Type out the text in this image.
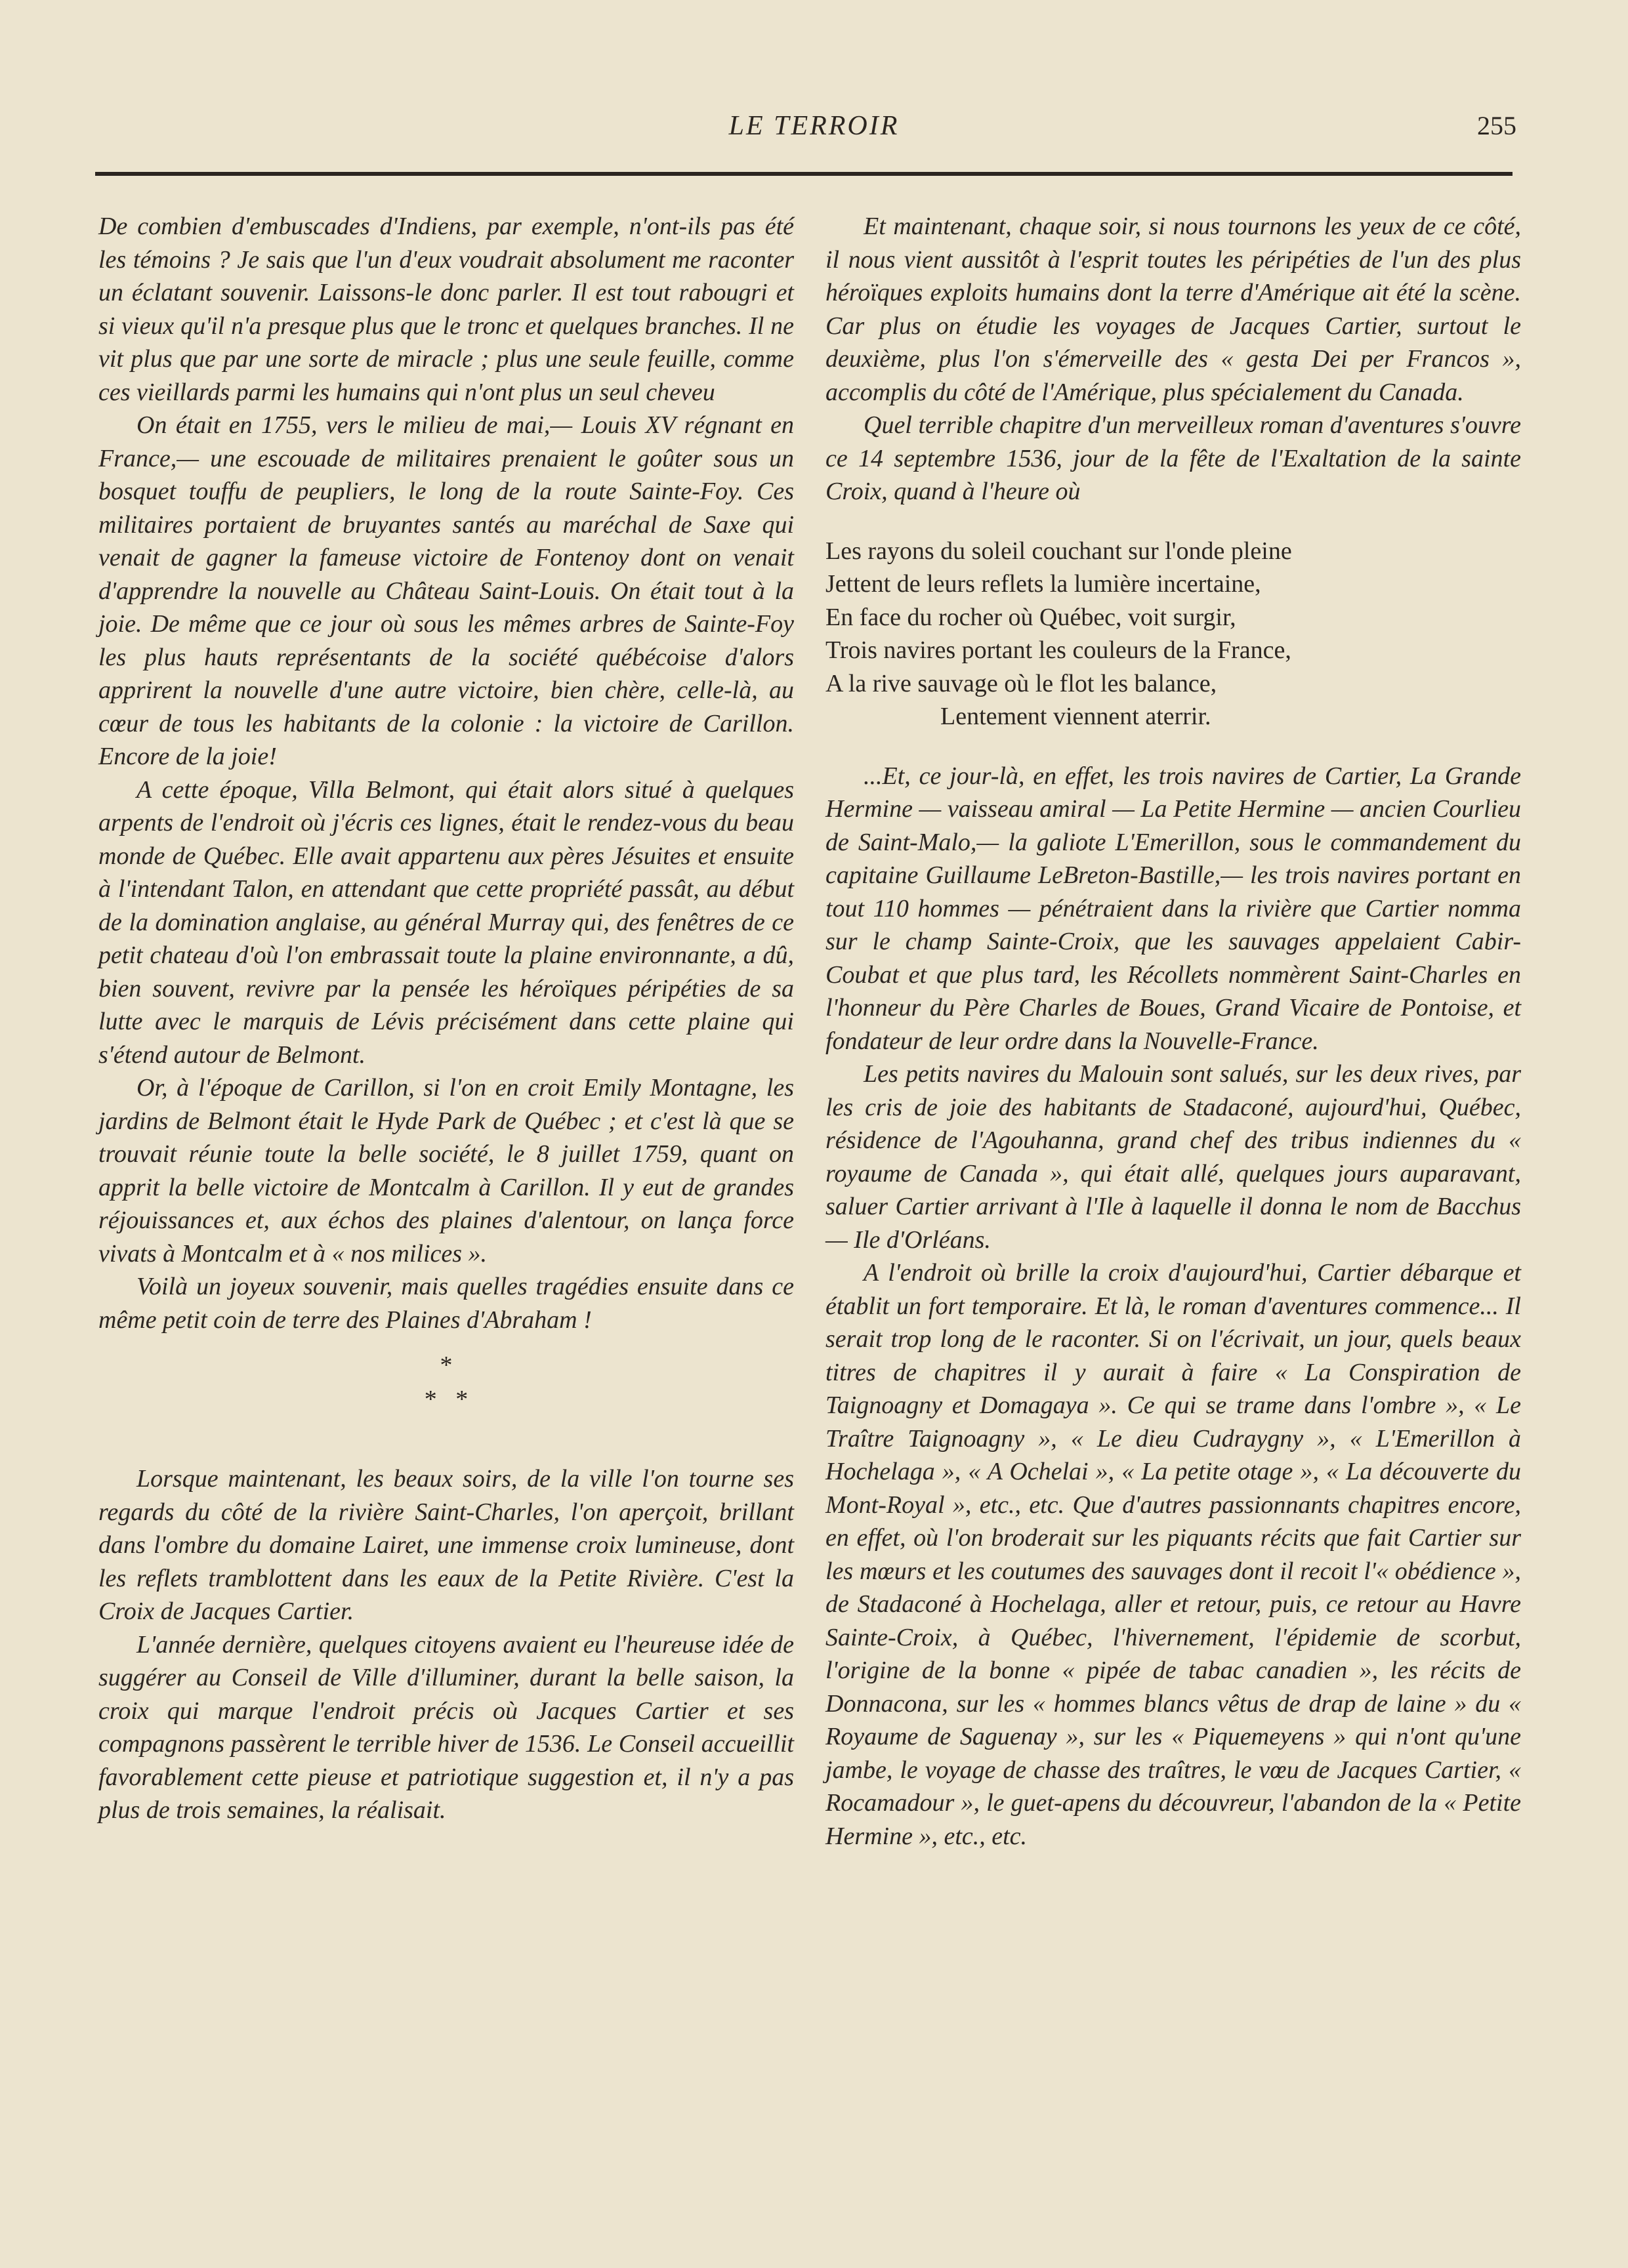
LE TERROIR	255

De combien d'embuscades d'Indiens, par exemple, n'ont-ils pas été les témoins ? Je sais que l'un d'eux voudrait absolument me raconter un éclatant souvenir. Laissons-le donc parler. Il est tout rabougri et si vieux qu'il n'a presque plus que le tronc et quelques branches. Il ne vit plus que par une sorte de miracle ; plus une seule feuille, comme ces vieillards parmi les humains qui n'ont plus un seul cheveu

On était en 1755, vers le milieu de mai,— Louis XV régnant en France,— une escouade de militaires prenaient le goûter sous un bosquet touffu de peupliers, le long de la route Sainte-Foy. Ces militaires portaient de bruyantes santés au maréchal de Saxe qui venait de gagner la fameuse victoire de Fontenoy dont on venait d'apprendre la nouvelle au Château Saint-Louis. On était tout à la joie. De même que ce jour où sous les mêmes arbres de Sainte-Foy les plus hauts représentants de la société québécoise d'alors apprirent la nouvelle d'une autre victoire, bien chère, celle-là, au cœur de tous les habitants de la colonie : la victoire de Carillon. Encore de la joie!

A cette époque, Villa Belmont, qui était alors situé à quelques arpents de l'endroit où j'écris ces lignes, était le rendez-vous du beau monde de Québec. Elle avait appartenu aux pères Jésuites et ensuite à l'intendant Talon, en attendant que cette propriété passât, au début de la domination anglaise, au général Murray qui, des fenêtres de ce petit chateau d'où l'on embrassait toute la plaine environnante, a dû, bien souvent, revivre par la pensée les héroïques péripéties de sa lutte avec le marquis de Lévis précisément dans cette plaine qui s'étend autour de Belmont.

Or, à l'époque de Carillon, si l'on en croit Emily Montagne, les jardins de Belmont était le Hyde Park de Québec ; et c'est là que se trouvait réunie toute la belle société, le 8 juillet 1759, quant on apprit la belle victoire de Montcalm à Carillon. Il y eut de grandes réjouissances et, aux échos des plaines d'alentour, on lança force vivats à Montcalm et à « nos milices ».

Voilà un joyeux souvenir, mais quelles tragédies ensuite dans ce même petit coin de terre des Plaines d'Abraham !

*
*   *

Lorsque maintenant, les beaux soirs, de la ville l'on tourne ses regards du côté de la rivière Saint-Charles, l'on aperçoit, brillant dans l'ombre du domaine Lairet, une immense croix lumineuse, dont les reflets tramblottent dans les eaux de la Petite Rivière. C'est la Croix de Jacques Cartier.

L'année dernière, quelques citoyens avaient eu l'heureuse idée de suggérer au Conseil de Ville d'illuminer, durant la belle saison, la croix qui marque l'endroit précis où Jacques Cartier et ses compagnons passèrent le terrible hiver de 1536. Le Conseil accueillit favorablement cette pieuse et patriotique suggestion et, il n'y a pas plus de trois semaines, la réalisait.

Et maintenant, chaque soir, si nous tournons les yeux de ce côté, il nous vient aussitôt à l'esprit toutes les péripéties de l'un des plus héroïques exploits humains dont la terre d'Amérique ait été la scène. Car plus on étudie les voyages de Jacques Cartier, surtout le deuxième, plus l'on s'émerveille des « gesta Dei per Francos », accomplis du côté de l'Amérique, plus spécialement du Canada.

Quel terrible chapitre d'un merveilleux roman d'aventures s'ouvre ce 14 septembre 1536, jour de la fête de l'Exaltation de la sainte Croix, quand à l'heure où

Les rayons du soleil couchant sur l'onde pleine
Jettent de leurs reflets la lumière incertaine,
En face du rocher où Québec, voit surgir,
Trois navires portant les couleurs de la France,
A la rive sauvage où le flot les balance,
Lentement viennent aterrir.

...Et, ce jour-là, en effet, les trois navires de Cartier, La Grande Hermine — vaisseau amiral — La Petite Hermine — ancien Courlieu de Saint-Malo,— la galiote L'Emerillon, sous le commandement du capitaine Guillaume LeBreton-Bastille,— les trois navires portant en tout 110 hommes — pénétraient dans la rivière que Cartier nomma sur le champ Sainte-Croix, que les sauvages appelaient Cabir-Coubat et que plus tard, les Récollets nommèrent Saint-Charles en l'honneur du Père Charles de Boues, Grand Vicaire de Pontoise, et fondateur de leur ordre dans la Nouvelle-France.

Les petits navires du Malouin sont salués, sur les deux rives, par les cris de joie des habitants de Stadaconé, aujourd'hui, Québec, résidence de l'Agouhanna, grand chef des tribus indiennes du « royaume de Canada », qui était allé, quelques jours auparavant, saluer Cartier arrivant à l'Ile à laquelle il donna le nom de Bacchus — Ile d'Orléans.

A l'endroit où brille la croix d'aujourd'hui, Cartier débarque et établit un fort temporaire. Et là, le roman d'aventures commence... Il serait trop long de le raconter. Si on l'écrivait, un jour, quels beaux titres de chapitres il y aurait à faire « La Conspiration de Taignoagny et Domagaya ». Ce qui se trame dans l'ombre », « Le Traître Taignoagny », « Le dieu Cudraygny », « L'Emerillon à Hochelaga », « A Ochelai », « La petite otage », « La découverte du Mont-Royal », etc., etc. Que d'autres passionnants chapitres encore, en effet, où l'on broderait sur les piquants récits que fait Cartier sur les mœurs et les coutumes des sauvages dont il recoit l'« obédience », de Stadaconé à Hochelaga, aller et retour, puis, ce retour au Havre Sainte-Croix, à Québec, l'hivernement, l'épidemie de scorbut, l'origine de la bonne « pipée de tabac canadien », les récits de Donnacona, sur les « hommes blancs vêtus de drap de laine » du « Royaume de Saguenay », sur les « Piquemeyens » qui n'ont qu'une jambe, le voyage de chasse des traîtres, le vœu de Jacques Cartier, « Rocamadour », le guet-apens du découvreur, l'abandon de la « Petite Hermine », etc., etc.
